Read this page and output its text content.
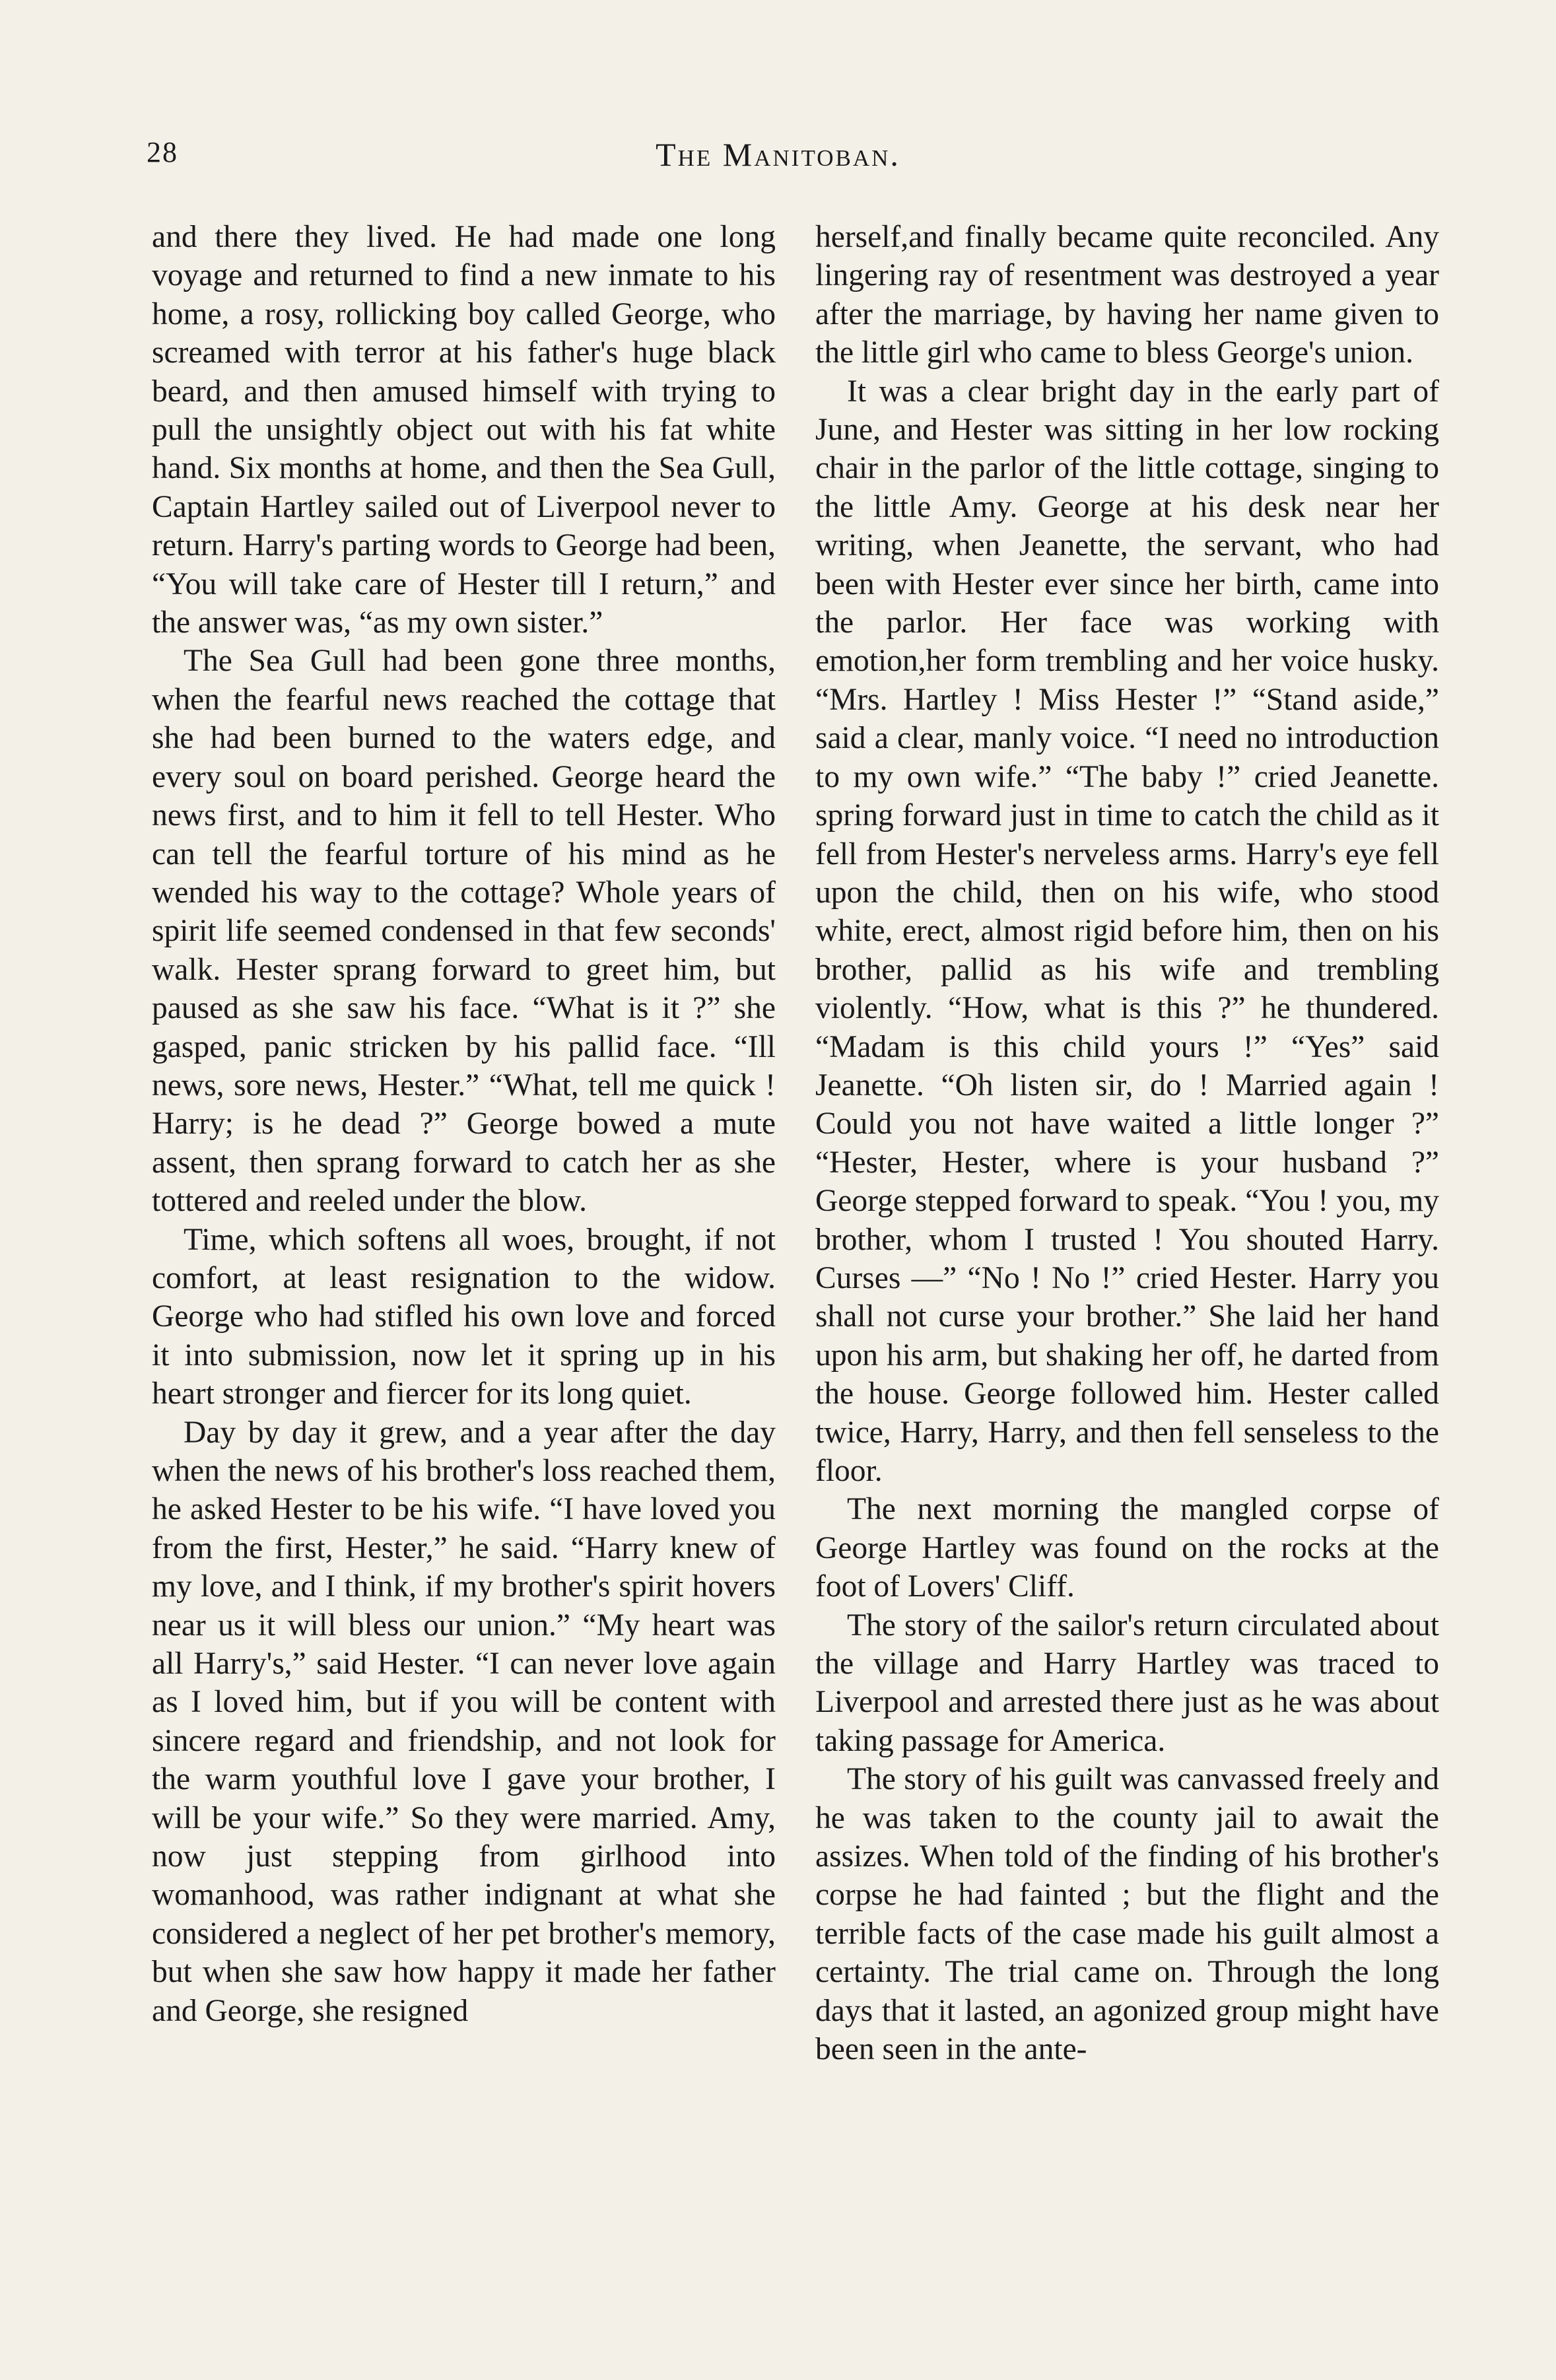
28	The Manitoban.

and there they lived. He had made one long voyage and returned to find a new inmate to his home, a rosy, rollicking boy called George, who screamed with terror at his father's huge black beard, and then amused himself with trying to pull the unsightly object out with his fat white hand. Six months at home, and then the Sea Gull, Captain Hartley sailed out of Liverpool never to return. Harry's parting words to George had been, “You will take care of Hester till I return,” and the answer was, “as my own sister.”

The Sea Gull had been gone three months, when the fearful news reached the cottage that she had been burned to the waters edge, and every soul on board perished. George heard the news first, and to him it fell to tell Hester. Who can tell the fearful torture of his mind as he wended his way to the cottage? Whole years of spirit life seemed condensed in that few seconds' walk. Hester sprang forward to greet him, but paused as she saw his face. “What is it ?” she gasped, panic stricken by his pallid face. “Ill news, sore news, Hester.” “What, tell me quick ! Harry; is he dead ?” George bowed a mute assent, then sprang forward to catch her as she tottered and reeled under the blow.

Time, which softens all woes, brought, if not comfort, at least resignation to the widow. George who had stifled his own love and forced it into submission, now let it spring up in his heart stronger and fiercer for its long quiet.

Day by day it grew, and a year after the day when the news of his brother's loss reached them, he asked Hester to be his wife. “I have loved you from the first, Hester,” he said. “Harry knew of my love, and I think, if my brother's spirit hovers near us it will bless our union.” “My heart was all Harry's,” said Hester. “I can never love again as I loved him, but if you will be content with sincere regard and friendship, and not look for the warm youthful love I gave your brother, I will be your wife.” So they were married. Amy, now just stepping from girlhood into womanhood, was rather indignant at what she considered a neglect of her pet brother's memory, but when she saw how happy it made her father and George, she resigned

herself,and finally became quite reconciled. Any lingering ray of resentment was destroyed a year after the marriage, by having her name given to the little girl who came to bless George's union.

It was a clear bright day in the early part of June, and Hester was sitting in her low rocking chair in the parlor of the little cottage, singing to the little Amy. George at his desk near her writing, when Jeanette, the servant, who had been with Hester ever since her birth, came into the parlor. Her face was working with emotion,her form trembling and her voice husky. “Mrs. Hartley ! Miss Hester !” “Stand aside,” said a clear, manly voice. “I need no introduction to my own wife.” “The baby !” cried Jeanette. spring forward just in time to catch the child as it fell from Hester's nerveless arms. Harry's eye fell upon the child, then on his wife, who stood white, erect, almost rigid before him, then on his brother, pallid as his wife and trembling violently. “How, what is this ?” he thundered. “Madam is this child yours !” “Yes” said Jeanette. “Oh listen sir, do ! Married again ! Could you not have waited a little longer ?” “Hester, Hester, where is your husband ?” George stepped forward to speak. “You ! you, my brother, whom I trusted ! You shouted Harry. Curses —” “No ! No !” cried Hester. Harry you shall not curse your brother.” She laid her hand upon his arm, but shaking her off, he darted from the house. George followed him. Hester called twice, Harry, Harry, and then fell senseless to the floor.

The next morning the mangled corpse of George Hartley was found on the rocks at the foot of Lovers' Cliff.

The story of the sailor's return circulated about the village and Harry Hartley was traced to Liverpool and arrested there just as he was about taking passage for America.

The story of his guilt was canvassed freely and he was taken to the county jail to await the assizes. When told of the finding of his brother's corpse he had fainted ; but the flight and the terrible facts of the case made his guilt almost a certainty. The trial came on. Through the long days that it lasted, an agonized group might have been seen in the ante-
